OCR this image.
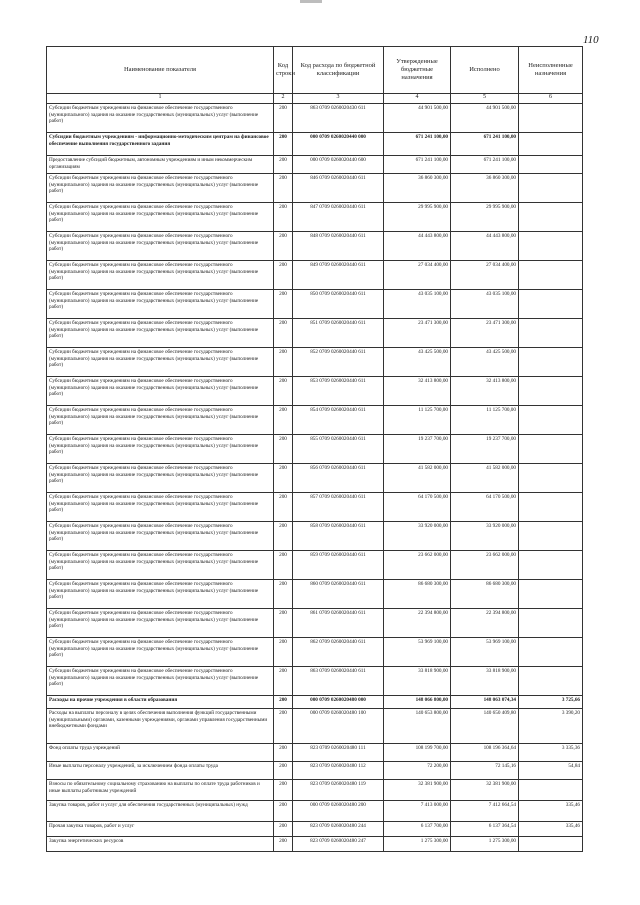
110
Наименование показателя	Код строки	Код расхода по бюджетной классификации	Утвержденные бюджетные назначения	Исполнено	Неисполненные назначения
1	2	3	4	5	6
Субсидии бюджетным учреждениям на финансовое обеспечение государственного (муниципального) задания на оказание государственных (муниципальных) услуг (выполнение работ)	200	863 0709 0260020430 611	44 901 500,00	44 901 500,00	
Субсидии бюджетным учреждениям - информационно-методическим центрам на финансовое обеспечение выполнения государственного задания	200	000 0709 0260020440 000	671 241 100,00	671 241 100,00	
Предоставление субсидий бюджетным, автономным учреждениям и иным некоммерческим организациям	200	000 0709 0260020440 600	671 241 100,00	671 241 100,00	
Субсидии бюджетным учреждениям на финансовое обеспечение государственного (муниципального) задания на оказание государственных (муниципальных) услуг (выполнение работ)	200	846 0709 0260020440 611	36 860 300,00	36 860 300,00	
Субсидии бюджетным учреждениям на финансовое обеспечение государственного (муниципального) задания на оказание государственных (муниципальных) услуг (выполнение работ)	200	847 0709 0260020440 611	29 995 900,00	29 995 900,00	
Субсидии бюджетным учреждениям на финансовое обеспечение государственного (муниципального) задания на оказание государственных (муниципальных) услуг (выполнение работ)	200	848 0709 0260020440 611	44 443 800,00	44 443 800,00	
Субсидии бюджетным учреждениям на финансовое обеспечение государственного (муниципального) задания на оказание государственных (муниципальных) услуг (выполнение работ)	200	849 0709 0260020440 611	27 034 400,00	27 034 400,00	
Субсидии бюджетным учреждениям на финансовое обеспечение государственного (муниципального) задания на оказание государственных (муниципальных) услуг (выполнение работ)	200	850 0709 0260020440 611	43 035 100,00	43 035 100,00	
Субсидии бюджетным учреждениям на финансовое обеспечение государственного (муниципального) задания на оказание государственных (муниципальных) услуг (выполнение работ)	200	851 0709 0260020440 611	23 471 300,00	23 471 300,00	
Субсидии бюджетным учреждениям на финансовое обеспечение государственного (муниципального) задания на оказание государственных (муниципальных) услуг (выполнение работ)	200	852 0709 0260020440 611	43 425 500,00	43 425 500,00	
Субсидии бюджетным учреждениям на финансовое обеспечение государственного (муниципального) задания на оказание государственных (муниципальных) услуг (выполнение работ)	200	853 0709 0260020440 611	32 413 800,00	32 413 800,00	
Субсидии бюджетным учреждениям на финансовое обеспечение государственного (муниципального) задания на оказание государственных (муниципальных) услуг (выполнение работ)	200	854 0709 0260020440 611	11 125 700,00	11 125 700,00	
Субсидии бюджетным учреждениям на финансовое обеспечение государственного (муниципального) задания на оказание государственных (муниципальных) услуг (выполнение работ)	200	855 0709 0260020440 611	19 237 700,00	19 237 700,00	
Субсидии бюджетным учреждениям на финансовое обеспечение государственного (муниципального) задания на оказание государственных (муниципальных) услуг (выполнение работ)	200	856 0709 0260020440 611	41 582 000,00	41 582 000,00	
Субсидии бюджетным учреждениям на финансовое обеспечение государственного (муниципального) задания на оказание государственных (муниципальных) услуг (выполнение работ)	200	857 0709 0260020440 611	64 170 500,00	64 170 500,00	
Субсидии бюджетным учреждениям на финансовое обеспечение государственного (муниципального) задания на оказание государственных (муниципальных) услуг (выполнение работ)	200	858 0709 0260020440 611	33 920 000,00	33 920 000,00	
Субсидии бюджетным учреждениям на финансовое обеспечение государственного (муниципального) задания на оказание государственных (муниципальных) услуг (выполнение работ)	200	859 0709 0260020440 611	23 662 000,00	23 662 000,00	
Субсидии бюджетным учреждениям на финансовое обеспечение государственного (муниципального) задания на оказание государственных (муниципальных) услуг (выполнение работ)	200	860 0709 0260020440 611	86 680 300,00	86 680 300,00	
Субсидии бюджетным учреждениям на финансовое обеспечение государственного (муниципального) задания на оказание государственных (муниципальных) услуг (выполнение работ)	200	861 0709 0260020440 611	22 394 800,00	22 394 800,00	
Субсидии бюджетным учреждениям на финансовое обеспечение государственного (муниципального) задания на оказание государственных (муниципальных) услуг (выполнение работ)	200	862 0709 0260020440 611	53 969 100,00	53 969 100,00	
Субсидии бюджетным учреждениям на финансовое обеспечение государственного (муниципального) задания на оказание государственных (муниципальных) услуг (выполнение работ)	200	863 0709 0260020440 611	33 818 900,00	33 818 900,00	
Расходы на прочие учреждения в области образования	200	000 0709 0260020480 000	148 066 800,00	148 063 074,34	3 725,66
Расходы на выплаты персоналу в целях обеспечения выполнения функций государственными (муниципальными) органами, казенными учреждениями, органами управления государственными внебюджетными фондами	200	000 0709 0260020480 100	140 653 800,00	140 650 409,80	3 390,20
Фонд оплаты труда учреждений	200	823 0709 0260020480 111	108 199 700,00	108 196 364,64	3 335,36
Иные выплаты персоналу учреждений, за исключением фонда оплаты труда	200	823 0709 0260020480 112	72 200,00	72 145,16	54,84
Взносы по обязательному социальному страхованию на выплаты по оплате труда работников и иные выплаты работникам учреждений	200	823 0709 0260020480 119	32 381 900,00	32 381 900,00	
Закупка товаров, работ и услуг для обеспечения государственных (муниципальных) нужд	200	000 0709 0260020480 200	7 413 000,00	7 412 664,54	335,46
Прочая закупка товаров, работ и услуг	200	823 0709 0260020480 244	6 137 700,00	6 137 364,54	335,46
Закупка энергетических ресурсов	200	823 0709 0260020480 247	1 275 300,00	1 275 300,00	
